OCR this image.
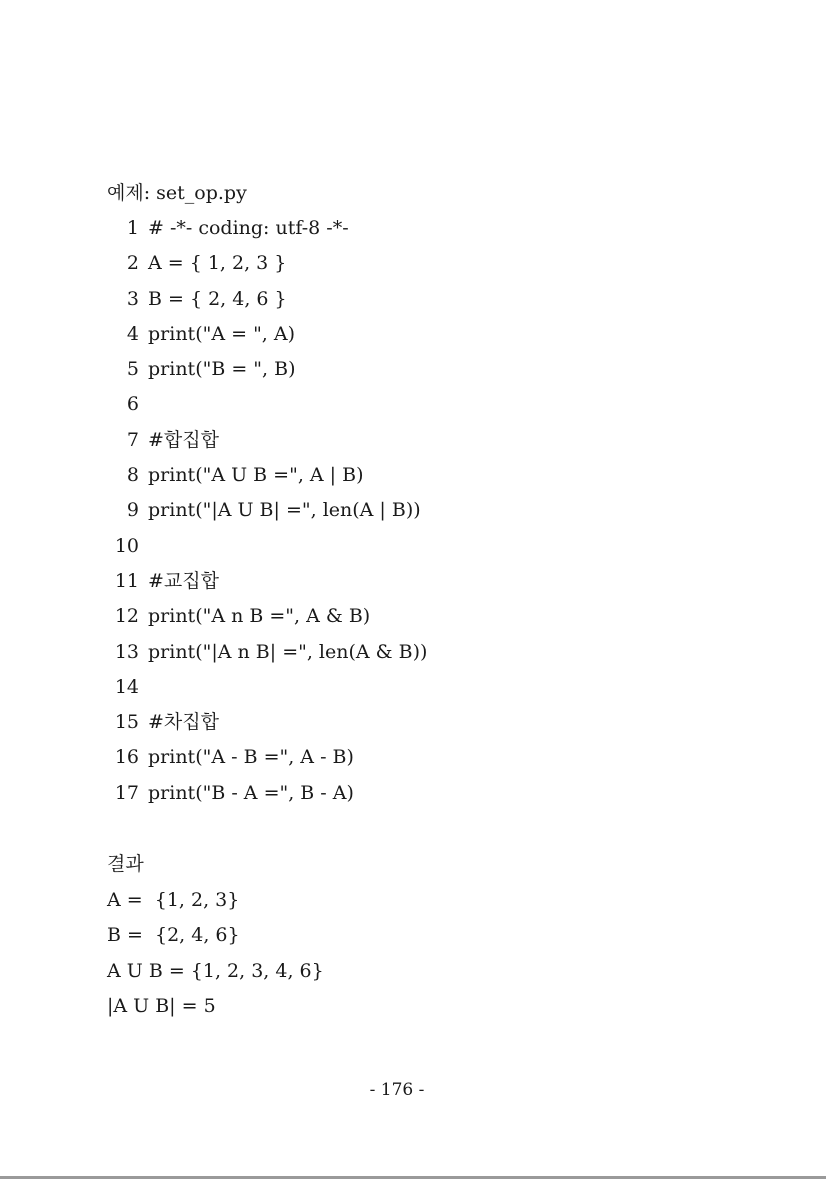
예제: set_op.py
1 # -*- coding: utf-8 -*-
2 A = { 1, 2, 3 }
3 B = { 2, 4, 6 }
4 print("A = ", A)
5 print("B = ", B)
6
7 #합집합
8 print("A U B =", A | B)
9 print("|A U B| =", len(A | B))
10
11 #교집합
12 print("A n B =", A & B)
13 print("|A n B| =", len(A & B))
14
15 #차집합
16 print("A - B =", A - B)
17 print("B - A =", B - A)
결과
A =  {1, 2, 3}
B =  {2, 4, 6}
A U B = {1, 2, 3, 4, 6}
|A U B| = 5
- 176 -
